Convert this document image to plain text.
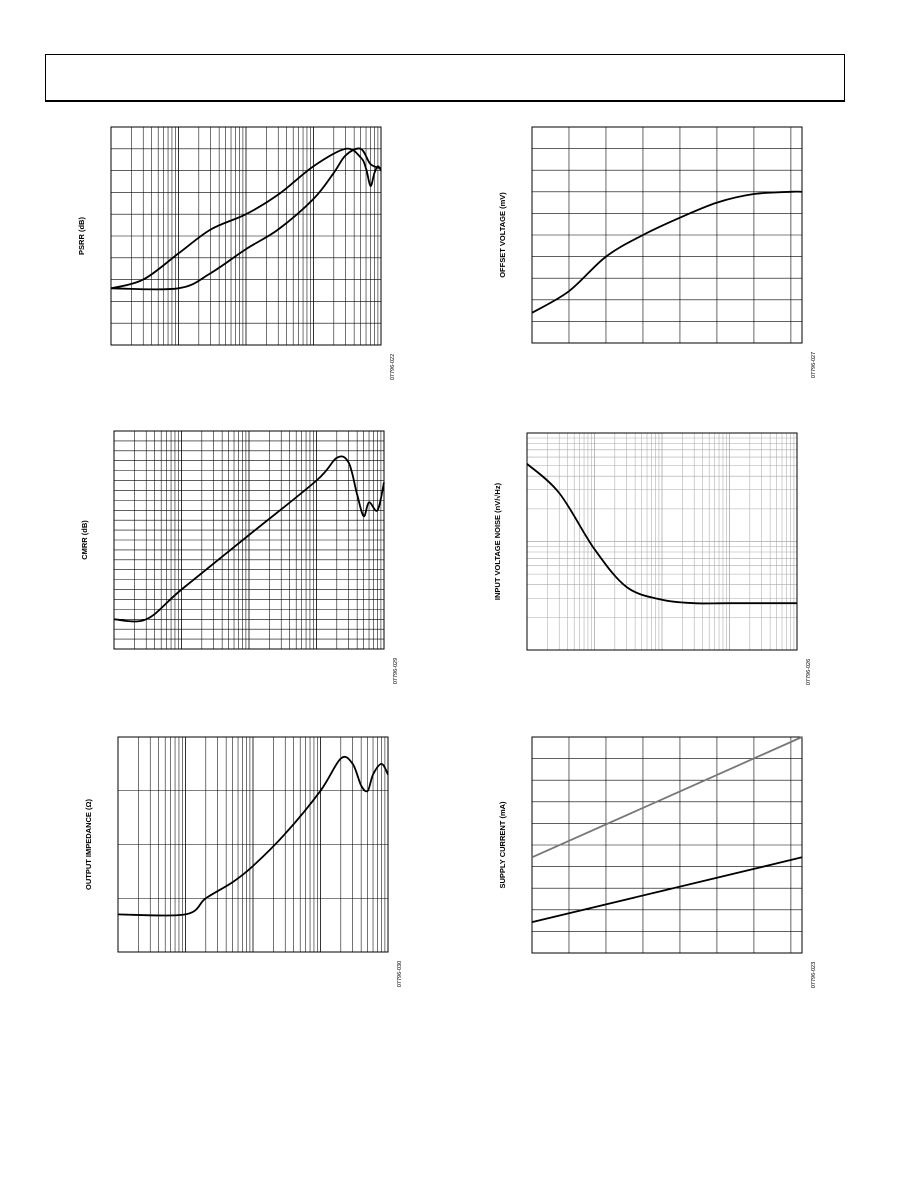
PSRR (dB)
07796-022
OFFSET VOLTAGE (mV)
07796-027
CMRR (dB)
07796-029
INPUT VOLTAGE NOISE (nV/√Hz)
07796-026
OUTPUT IMPEDANCE (Ω)
07796-030
SUPPLY CURRENT (mA)
07796-023
